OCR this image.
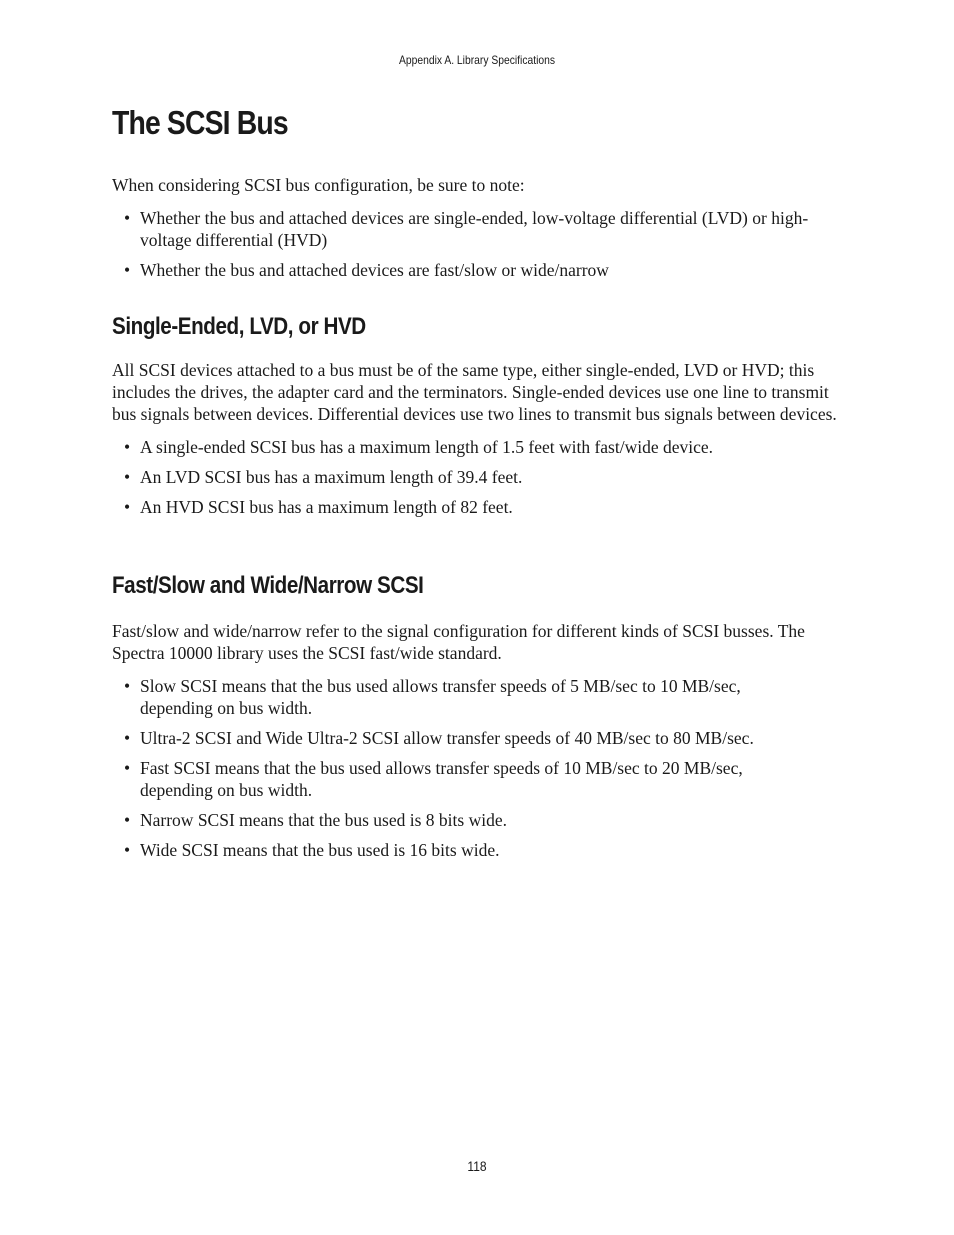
Appendix A. Library Specifications
The SCSI Bus

When considering SCSI bus configuration, be sure to note:

• Whether the bus and attached devices are single-ended, low-voltage differential (LVD) or high-voltage differential (HVD)
• Whether the bus and attached devices are fast/slow or wide/narrow
Single-Ended, LVD, or HVD

All SCSI devices attached to a bus must be of the same type, either single-ended, LVD or HVD; this includes the drives, the adapter card and the terminators. Single-ended devices use one line to transmit bus signals between devices. Differential devices use two lines to transmit bus signals between devices.

• A single-ended SCSI bus has a maximum length of 1.5 feet with fast/wide device.
• An LVD SCSI bus has a maximum length of 39.4 feet.
• An HVD SCSI bus has a maximum length of 82 feet.
Fast/Slow and Wide/Narrow SCSI

Fast/slow and wide/narrow refer to the signal configuration for different kinds of SCSI busses. The Spectra 10000 library uses the SCSI fast/wide standard.

• Slow SCSI means that the bus used allows transfer speeds of 5 MB/sec to 10 MB/sec, depending on bus width.
• Ultra-2 SCSI and Wide Ultra-2 SCSI allow transfer speeds of 40 MB/sec to 80 MB/sec.
• Fast SCSI means that the bus used allows transfer speeds of 10 MB/sec to 20 MB/sec, depending on bus width.
• Narrow SCSI means that the bus used is 8 bits wide.
• Wide SCSI means that the bus used is 16 bits wide.
118
